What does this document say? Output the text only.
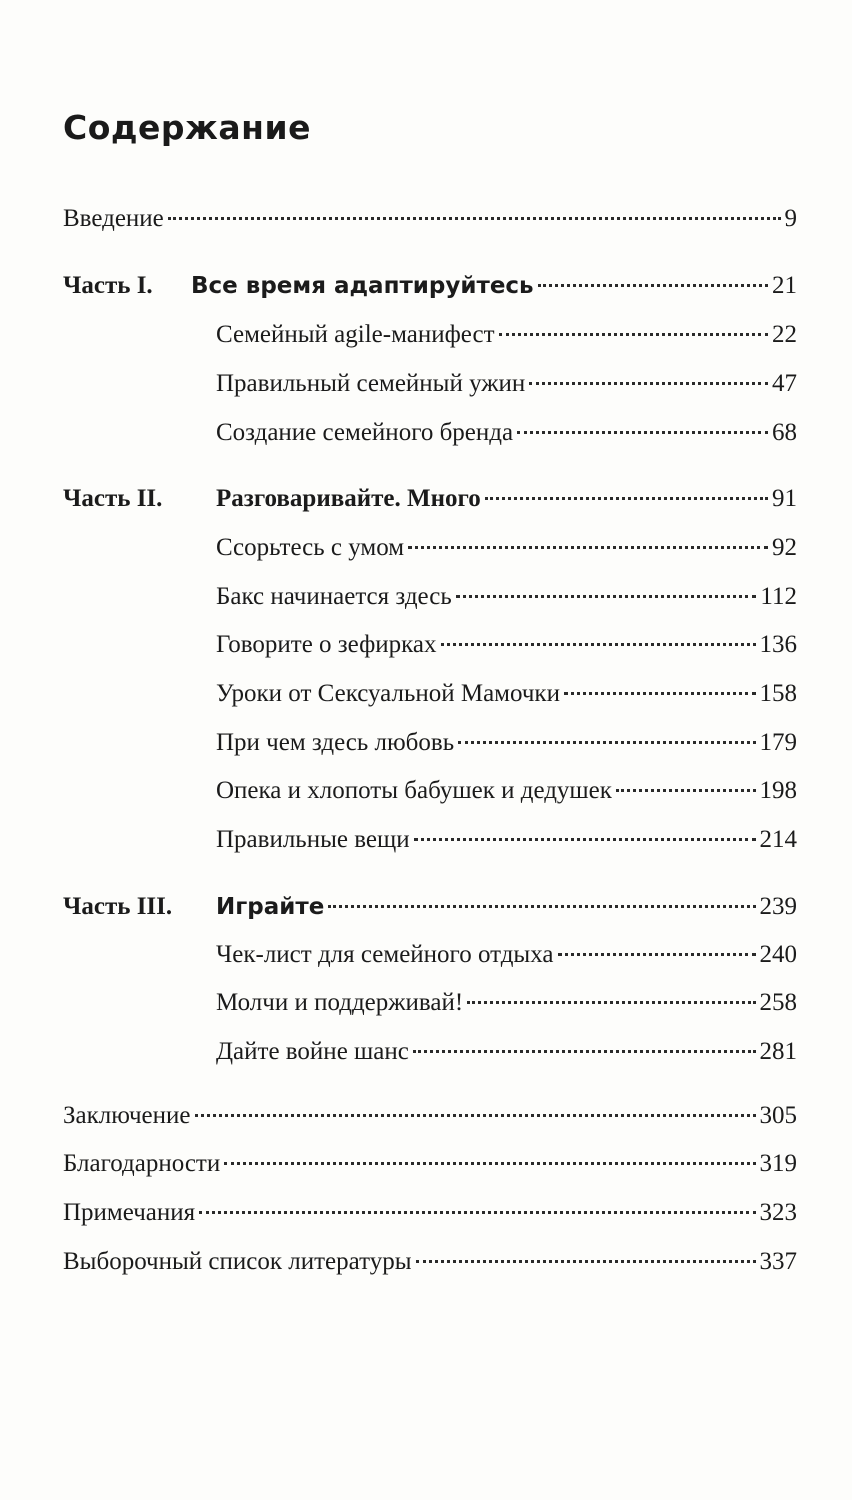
Содержание
Введение	9
Часть I.	Все время адаптируйтесь	21
Семейный agile-манифест	22
Правильный семейный ужин	47
Создание семейного бренда	68
Часть II.	Разговаривайте. Много	91
Ссорьтесь с умом	92
Бакс начинается здесь	112
Говорите о зефирках	136
Уроки от Сексуальной Мамочки	158
При чем здесь любовь	179
Опека и хлопоты бабушек и дедушек	198
Правильные вещи	214
Часть III.	Играйте	239
Чек-лист для семейного отдыха	240
Молчи и поддерживай!	258
Дайте войне шанс	281
Заключение	305
Благодарности	319
Примечания	323
Выборочный список литературы	337
